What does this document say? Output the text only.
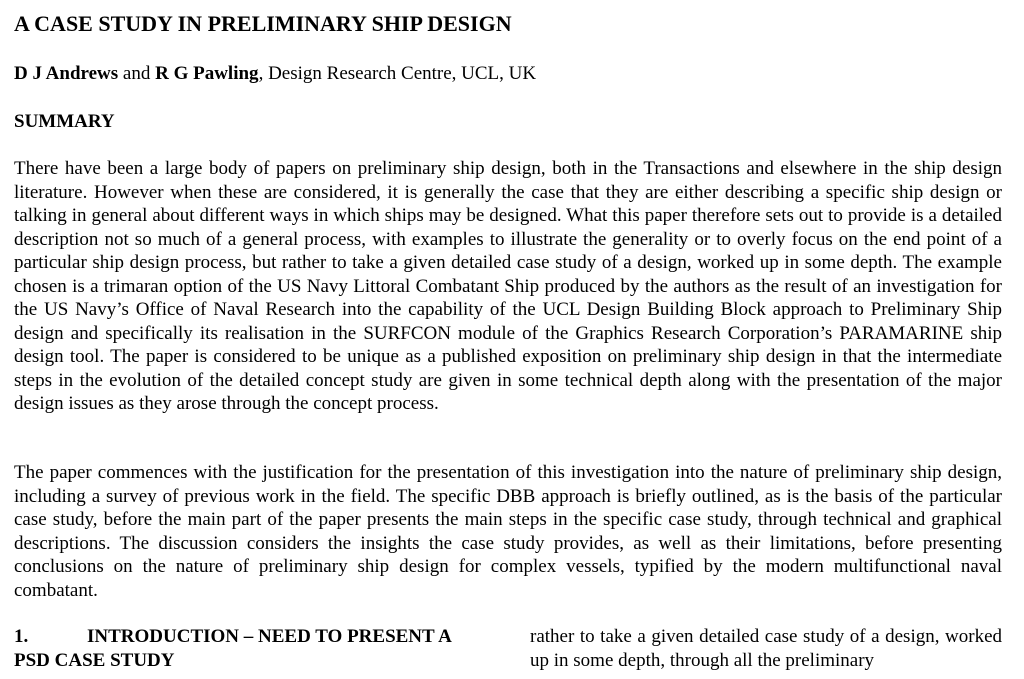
A CASE STUDY IN PRELIMINARY SHIP DESIGN
D J Andrews and R G Pawling, Design Research Centre, UCL, UK
SUMMARY

There have been a large body of papers on preliminary ship design, both in the Transactions and elsewhere in the ship design literature. However when these are considered, it is generally the case that they are either describing a specific ship design or talking in general about different ways in which ships may be designed. What this paper therefore sets out to provide is a detailed description not so much of a general process, with examples to illustrate the generality or to overly focus on the end point of a particular ship design process, but rather to take a given detailed case study of a design, worked up in some depth. The example chosen is a trimaran option of the US Navy Littoral Combatant Ship produced by the authors as the result of an investigation for the US Navy’s Office of Naval Research into the capability of the UCL Design Building Block approach to Preliminary Ship design and specifically its realisation in the SURFCON module of the Graphics Research Corporation’s PARAMARINE ship design tool. The paper is considered to be unique as a published exposition on preliminary ship design in that the intermediate steps in the evolution of the detailed concept study are given in some technical depth along with the presentation of the major design issues as they arose through the concept process.

The paper commences with the justification for the presentation of this investigation into the nature of preliminary ship design, including a survey of previous work in the field. The specific DBB approach is briefly outlined, as is the basis of the particular case study, before the main part of the paper presents the main steps in the specific case study, through technical and graphical descriptions. The discussion considers the insights the case study provides, as well as their limitations, before presenting conclusions on the nature of preliminary ship design for complex vessels, typified by the modern multifunctional naval combatant.

1.	INTRODUCTION – NEED TO PRESENT A
PSD CASE STUDY

rather to take a given detailed case study of a design, worked up in some depth, through all the preliminary
